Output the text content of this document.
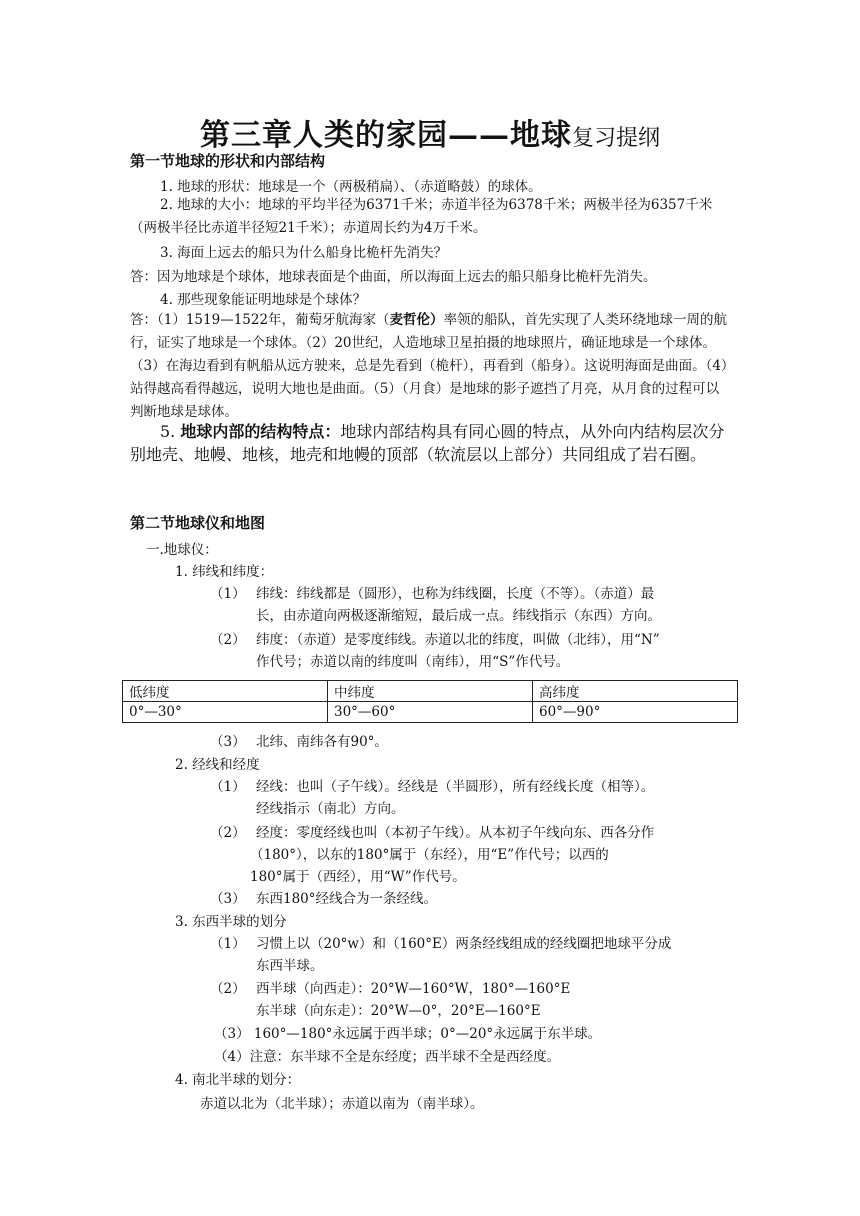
第三章人类的家园——地球复习提纲
第一节地球的形状和内部结构
1. 地球的形状：地球是一个（两极稍扁）、（赤道略鼓）的球体。
2. 地球的大小：地球的平均半径为6371千米；赤道半径为6378千米；两极半径为6357千米（两极半径比赤道半径短21千米）；赤道周长约为4万千米。
3. 海面上远去的船只为什么船身比桅杆先消失？
答：因为地球是个球体，地球表面是个曲面，所以海面上远去的船只船身比桅杆先消失。
4. 那些现象能证明地球是个球体？
答：（1）1519—1522年，葡萄牙航海家（麦哲伦）率领的船队，首先实现了人类环绕地球一周的航行，证实了地球是一个球体。（2）20世纪，人造地球卫星拍摄的地球照片，确证地球是一个球体。（3）在海边看到有帆船从远方驶来，总是先看到（桅杆），再看到（船身）。这说明海面是曲面。（4）站得越高看得越远，说明大地也是曲面。（5）（月食）是地球的影子遮挡了月亮，从月食的过程可以判断地球是球体。
5. 地球内部的结构特点：地球内部结构具有同心圆的特点，从外向内结构层次分别地壳、地幔、地核，地壳和地幔的顶部（软流层以上部分）共同组成了岩石圈。
第二节地球仪和地图
一.地球仪：
1. 纬线和纬度：
（1） 纬线：纬线都是（圆形），也称为纬线圈，长度（不等）。（赤道）最
长，由赤道向两极逐渐缩短，最后成一点。纬线指示（东西）方向。
（2） 纬度：（赤道）是零度纬线。赤道以北的纬度，叫做（北纬），用“N”
作代号；赤道以南的纬度叫（南纬），用“S”作代号。
低纬度	中纬度	高纬度
0°—30°	30°—60°	60°—90°
（3） 北纬、南纬各有90°。
2. 经线和经度
（1） 经线：也叫（子午线）。经线是（半圆形），所有经线长度（相等）。
经线指示（南北）方向。
（2） 经度：零度经线也叫（本初子午线）。从本初子午线向东、西各分作
（180°），以东的180°属于（东经），用“E”作代号；以西的
180°属于（西经），用“W”作代号。
（3） 东西180°经线合为一条经线。
3. 东西半球的划分
（1） 习惯上以（20°w）和（160°E）两条经线组成的经线圈把地球平分成
东西半球。
（2） 西半球（向西走）：20°W—160°W，180°—160°E
东半球（向东走）：20°W—0°，20°E—160°E
（3） 160°—180°永远属于西半球；0°—20°永远属于东半球。
（4）注意：东半球不全是东经度；西半球不全是西经度。
4. 南北半球的划分：
赤道以北为（北半球）；赤道以南为（南半球）。
